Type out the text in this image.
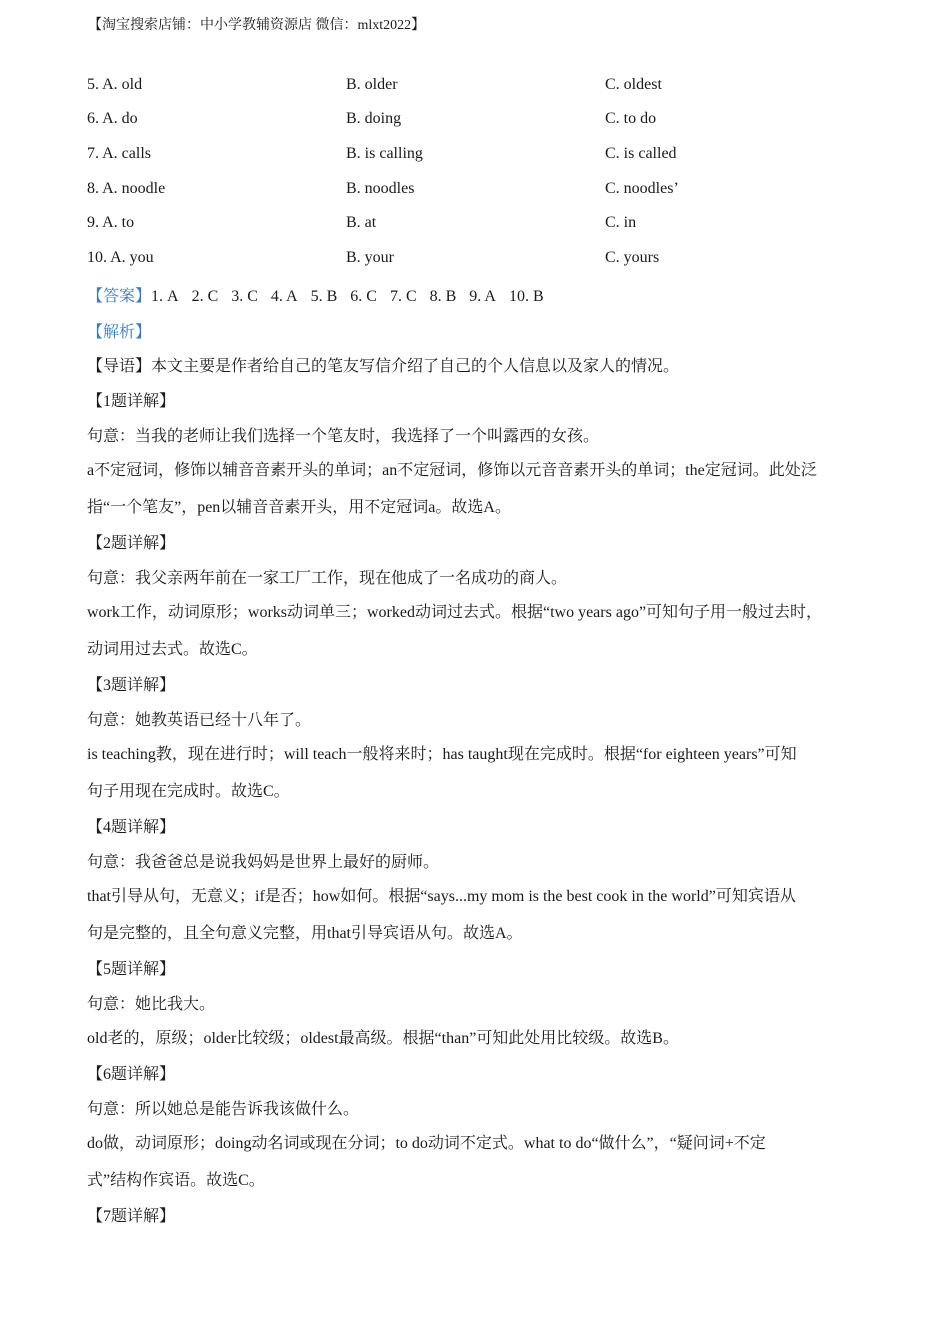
【淘宝搜索店铺：中小学教辅资源店 微信：mlxt2022】
5. A. old	B. older	C. oldest
6. A. do	B. doing	C. to do
7. A. calls	B. is calling	C. is called
8. A. noodle	B. noodles	C. noodles’
9. A. to	B. at	C. in
10. A. you	B. your	C. yours
【答案】1. A 2. C 3. C 4. A 5. B 6. C 7. C 8. B 9. A 10. B
【解析】
【导语】本文主要是作者给自己的笔友写信介绍了自己的个人信息以及家人的情况。
【1题详解】
句意：当我的老师让我们选择一个笔友时，我选择了一个叫露西的女孩。
a不定冠词，修饰以辅音音素开头的单词；an不定冠词，修饰以元音音素开头的单词；the定冠词。此处泛
指“一个笔友”，pen以辅音音素开头，用不定冠词a。故选A。
【2题详解】
句意：我父亲两年前在一家工厂工作，现在他成了一名成功的商人。
work工作，动词原形；works动词单三；worked动词过去式。根据“two years ago”可知句子用一般过去时，
动词用过去式。故选C。
【3题详解】
句意：她教英语已经十八年了。
is teaching教，现在进行时；will teach一般将来时；has taught现在完成时。根据“for eighteen years”可知
句子用现在完成时。故选C。
【4题详解】
句意：我爸爸总是说我妈妈是世界上最好的厨师。
that引导从句，无意义；if是否；how如何。根据“says...my mom is the best cook in the world”可知宾语从
句是完整的，且全句意义完整，用that引导宾语从句。故选A。
【5题详解】
句意：她比我大。
old老的，原级；older比较级；oldest最高级。根据“than”可知此处用比较级。故选B。
【6题详解】
句意：所以她总是能告诉我该做什么。
do做，动词原形；doing动名词或现在分词；to do动词不定式。what to do“做什么”，“疑问词+不定
式”结构作宾语。故选C。
【7题详解】
